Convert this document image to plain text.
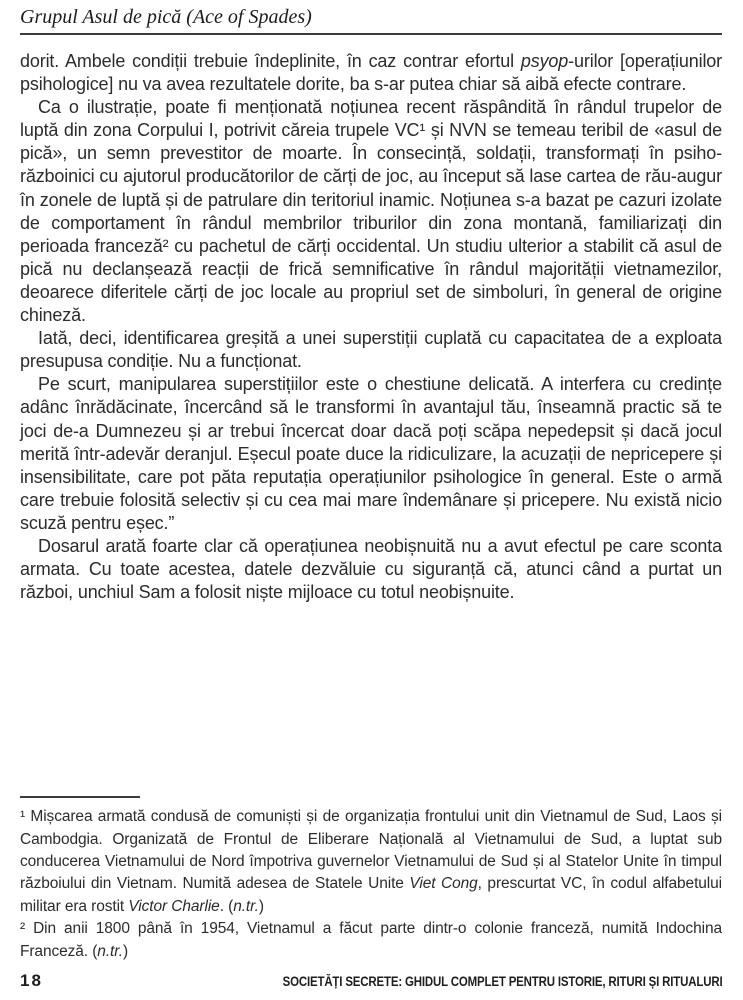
Grupul Asul de pică (Ace of Spades)

dorit. Ambele condiții trebuie îndeplinite, în caz contrar efortul psyop-urilor [operațiunilor psihologice] nu va avea rezultatele dorite, ba s-ar putea chiar să aibă efecte contrare.

Ca o ilustrație, poate fi menționată noțiunea recent răspândită în rândul trupelor de luptă din zona Corpului I, potrivit căreia trupele VC¹ și NVN se temeau teribil de «asul de pică», un semn prevestitor de moarte. În consecință, soldații, transformați în psiho-războinici cu ajutorul producătorilor de cărți de joc, au început să lase cartea de rău-augur în zonele de luptă și de patrulare din teritoriul inamic. Noțiunea s-a bazat pe cazuri izolate de comportament în rândul membrilor triburilor din zona montană, familiarizați din perioada franceză² cu pachetul de cărți occidental. Un studiu ulterior a stabilit că asul de pică nu declanșează reacții de frică semnificative în rândul majorității vietnamezilor, deoarece diferitele cărți de joc locale au propriul set de simboluri, în general de origine chineză.

Iată, deci, identificarea greșită a unei superstiții cuplată cu capacitatea de a exploata presupusa condiție. Nu a funcționat.

Pe scurt, manipularea superstițiilor este o chestiune delicată. A interfera cu credințe adânc înrădăcinate, încercând să le transformi în avantajul tău, înseamnă practic să te joci de-a Dumnezeu și ar trebui încercat doar dacă poți scăpa nepedepsit și dacă jocul merită într-adevăr deranjul. Eșecul poate duce la ridiculizare, la acuzații de nepricepere și insensibilitate, care pot păta reputația operațiunilor psihologice în general. Este o armă care trebuie folosită selectiv și cu cea mai mare îndemânare și pricepere. Nu există nicio scuză pentru eșec.”

Dosarul arată foarte clar că operațiunea neobișnuită nu a avut efectul pe care sconta armata. Cu toate acestea, datele dezvăluie cu siguranță că, atunci când a purtat un război, unchiul Sam a folosit niște mijloace cu totul neobișnuite.

¹ Mișcarea armată condusă de comuniști și de organizația frontului unit din Vietnamul de Sud, Laos și Cambodgia. Organizată de Frontul de Eliberare Națională al Vietnamului de Sud, a luptat sub conducerea Vietnamului de Nord împotriva guvernelor Vietnamului de Sud și al Statelor Unite în timpul războiului din Vietnam. Numită adesea de Statele Unite Viet Cong, prescurtat VC, în codul alfabetului militar era rostit Victor Charlie. (n.tr.)

² Din anii 1800 până în 1954, Vietnamul a făcut parte dintr-o colonie franceză, numită Indochina Franceză. (n.tr.)

18	SOCIETĂȚI SECRETE: GHIDUL COMPLET PENTRU ISTORIE, RITURI ȘI RITUALURI
